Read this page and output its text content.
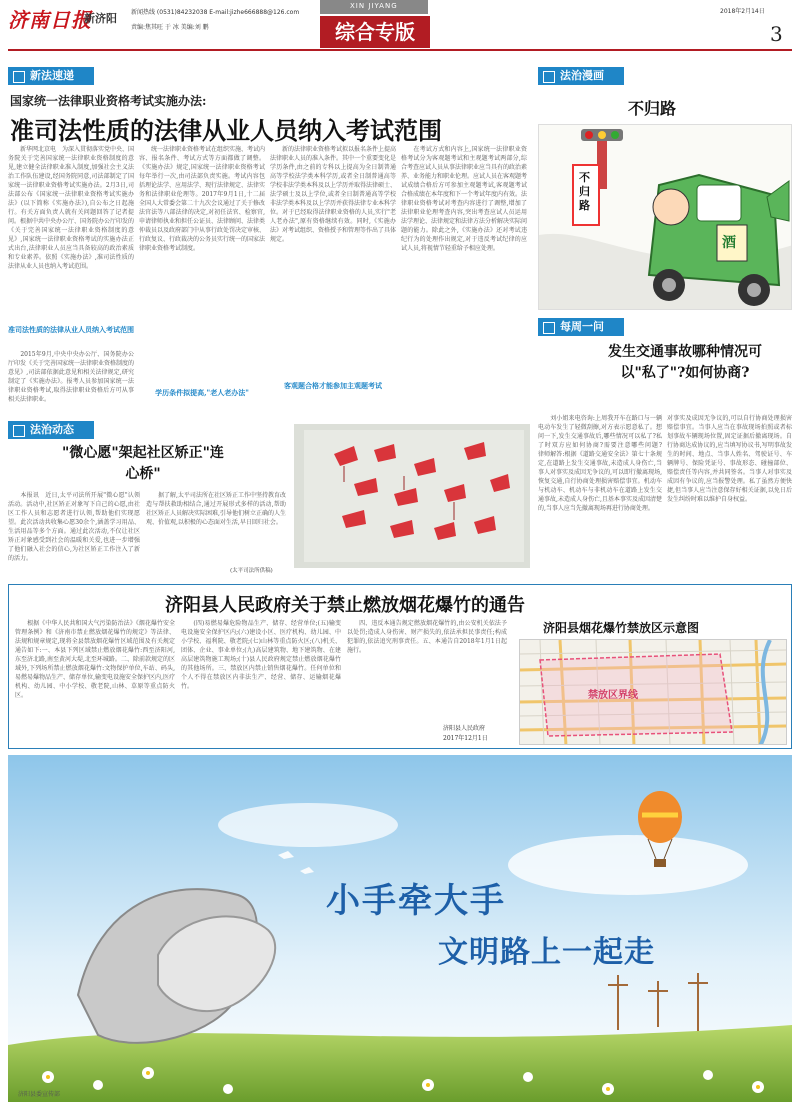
济南日报
新济阳 新闻热线 (0531)84232038 E-mail:jizhe666888@126.com
责编:焦其旺 于 冰 美编:刘 鹏
XIN JIYANG
综合专版
2018年2月14日
3
新法速递
国家统一法律职业资格考试实施办法:
准司法性质的法律从业人员纳入考试范围
　　新华网北京电　为深入贯彻落实党中央、国务院关于完善国家统一法律职业资格制度的意见,建立健全法律职业准入制度,加强社会主义法治工作队伍建设,经国务院同意,司法部制定了国家统一法律职业资格考试实施办法。2月3日,司法部公布《国家统一法律职业资格考试实施办法》(以下简称《实施办法》),自公布之日起施行。有关方面负责人就有关问题回答了记者提问。根据中共中央办公厅、国务院办公厅印发的《关于完善国家统一法律职业资格制度的意见》,国家统一法律职业资格考试的实施办法正式出台,法律职业人员应当具备较高的政治素质和专业素养。依照《实施办法》,准司法性质的法律从业人员也纳入考试范围。
准司法性质的法律从业人员纳入考试范围
　　2015年9月,中央中央办公厅、国务院办公厅印发《关于完善国家统一法律职业资格制度的意见》,司法部依据此意见和相关法律规定,研究制定了《实施办法》。报考人员参加国家统一法律职业资格考试,取得法律职业资格后方可从事相关法律职业。
　　统一法律职业资格考试在组织实施、考试内容、报名条件、考试方式等方面都做了调整。《实施办法》规定,国家统一法律职业资格考试每年举行一次,由司法部负责实施。考试内容包括理论法学、应用法学、现行法律规定、法律实务和法律职业伦理等。2017年9月1日,十二届全国人大常委会第二十九次会议通过了关于修改法官法等八部法律的决定,对初任法官、检察官,申请律师执业和担任公证员、法律顾问、法律类仲裁员以及政府部门中从事行政处罚决定审核、行政复议、行政裁决的公务员实行统一的国家法律职业资格考试制度。
学历条件拟提高,"老人老办法"
　　新的法律职业资格考试拟以报名条件上提高法律职业人员的准入条件。其中一个重要变化是学历条件,由之前的专科以上提高为全日制普通高等学校法学类本科学历,或者全日制普通高等学校非法学类本科及以上学历并取得法律硕士、法学硕士及以上学位,或者全日制普通高等学校非法学类本科及以上学历并获得法律专业本科学位。对于已经取得法律职业资格的人员,实行"老人老办法",原有资格继续有效。同时,《实施办法》对考试组织、资格授予和管理等作出了具体规定。
客观题合格才能参加主观题考试
　　在考试方式和内容上,国家统一法律职业资格考试分为客观题考试和主观题考试两部分,综合考查应试人员从事法律职业应当具有的政治素养、业务能力和职业伦理。应试人员在客观题考试成绩合格后方可参加主观题考试,客观题考试合格成绩在本年度和下一个考试年度内有效。法律职业资格考试对考查内容进行了调整,增加了法律职业伦理考查内容,突出考查应试人员运用法学理论、法律规定和法律方法分析解决实际问题的能力。除此之外,《实施办法》还对考试违纪行为的处理作出规定,对于违反考试纪律的应试人员,将视情节轻重给予相应处理。
法治漫画
不归路
不归路
酒
每周一问
发生交通事故哪种情况可以"私了"?如何协商?
　　刘小姐来电咨询:上周我开车在路口与一辆电动车发生了轻微刮擦,对方表示愿意私了。想问一下,发生交通事故后,哪些情况可以私了?私了时双方应如何协商?需要注意哪些问题?　　律师解答:根据《道路交通安全法》第七十条规定,在道路上发生交通事故,未造成人身伤亡,当事人对事实及成因无争议的,可以即行撤离现场,恢复交通,自行协商处理损害赔偿事宜。机动车与机动车、机动车与非机动车在道路上发生交通事故,未造成人身伤亡,且基本事实及成因清楚的,当事人应当先撤离现场再进行协商处理。
对事实及成因无争议的,可以自行协商处理损害赔偿事宜。当事人应当在事故现场拍照或者标划事故车辆现场位置,固定证据后撤离现场。自行协商达成协议的,应当填写协议书,写明事故发生的时间、地点、当事人姓名、驾驶证号、车辆牌号、保险凭证号、事故形态、碰撞部位、赔偿责任等内容,并共同签名。当事人对事实及成因有争议的,应当报警处理。私了虽然方便快捷,但当事人应当注意保存好相关证据,以免日后发生纠纷时难以维护自身权益。
法治动态
"微心愿"架起社区矫正"连心桥"
　　本报讯　近日,太平司法所开展"微心愿"认领活动。活动中,社区矫正对象写下自己的心愿,由社区工作人员和志愿者进行认领,帮助他们实现愿望。此次活动共收集心愿30余个,涵盖学习用品、生活用品等多个方面。通过此次活动,不仅让社区矫正对象感受到社会的温暖和关爱,也进一步增强了他们融入社会的信心,为社区矫正工作注入了新的活力。
　　据了解,太平司法所在社区矫正工作中坚持教育改造与帮扶救助相结合,通过开展形式多样的活动,帮助社区矫正人员解决实际困难,引导他们树立正确的人生观、价值观,以积极的心态面对生活,早日回归社会。
(太平司法所供稿)
济阳县人民政府关于禁止燃放烟花爆竹的通告
　　根据《中华人民共和国大气污染防治法》《烟花爆竹安全管理条例》和《济南市禁止燃放烟花爆竹的规定》等法律、法规和规章规定,现将全县禁放烟花爆竹区域范围及有关规定通告如下:一、本县下列区域禁止燃放烟花爆竹:西至济阳河,东至济北路,南至黄河大堤,北至环城路。二、除前款规定的区域外,下列场所禁止燃放烟花爆竹:文物保护单位,车站、码头,易燃易爆物品生产、储存单位,输变电设施安全保护区内,医疗机构、幼儿园、中小学校、敬老院,山林、草原等重点防火区。
　　(四)易燃易爆危险物品生产、储存、经营单位;(五)输变电设施安全保护区内;(六)建设小区、医疗机构、幼儿园、中小学校、福利院、敬老院;(七)山林等重点防火区;(八)机关、团体、企业、事业单位;(九)高层建筑物、地下建筑物、在建高层建筑物施工现场;(十)县人民政府规定禁止燃放烟花爆竹的其他场所。三、禁放区内禁止销售烟花爆竹。任何单位和个人不得在禁放区内非法生产、经营、储存、运输烟花爆竹。
　　四、违反本通告规定燃放烟花爆竹的,由公安机关依法予以处罚;造成人身伤害、财产损失的,依法承担民事责任;构成犯罪的,依法追究刑事责任。五、本通告自2018年1月1日起施行。
济阳县人民政府
2017年12月1日
济阳县烟花爆竹禁放区示意图
禁放区界线
小手牵大手
文明路上一起走
济阳县委宣传部
